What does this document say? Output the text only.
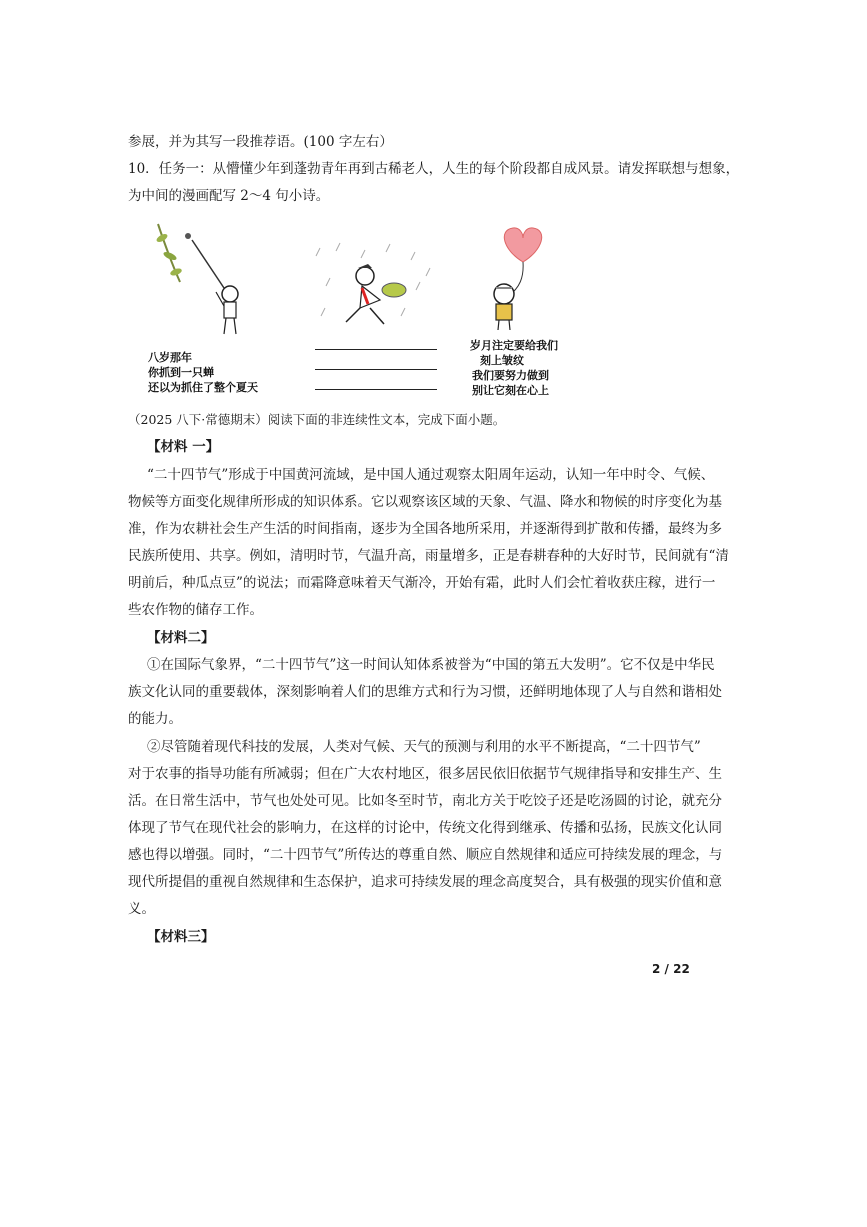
参展，并为其写一段推荐语。(100 字左右）
10．任务一：从懵懂少年到蓬勃青年再到古稀老人，人生的每个阶段都自成风景。请发挥联想与想象，
为中间的漫画配写 2～4 句小诗。
八岁那年
你抓到一只蝉
还以为抓住了整个夏天
岁月注定要给我们
刻上皱纹
我们要努力做到
别让它刻在心上
（2025 八下·常德期末）阅读下面的非连续性文本，完成下面小题。
【材料 一】
“二十四节气”形成于中国黄河流域，是中国人通过观察太阳周年运动，认知一年中时令、气候、
物候等方面变化规律所形成的知识体系。它以观察该区域的天象、气温、降水和物候的时序变化为基
准，作为农耕社会生产生活的时间指南，逐步为全国各地所采用，并逐渐得到扩散和传播，最终为多
民族所使用、共享。例如，清明时节，气温升高，雨量增多，正是春耕春种的大好时节，民间就有“清
明前后，种瓜点豆”的说法；而霜降意味着天气渐冷，开始有霜，此时人们会忙着收获庄稼，进行一
些农作物的储存工作。
【材料二】
①在国际气象界，“二十四节气”这一时间认知体系被誉为“中国的第五大发明”。它不仅是中华民
族文化认同的重要载体，深刻影响着人们的思维方式和行为习惯，还鲜明地体现了人与自然和谐相处
的能力。
②尽管随着现代科技的发展，人类对气候、天气的预测与利用的水平不断提高，“二十四节气”
对于农事的指导功能有所减弱；但在广大农村地区，很多居民依旧依据节气规律指导和安排生产、生
活。在日常生活中，节气也处处可见。比如冬至时节，南北方关于吃饺子还是吃汤圆的讨论，就充分
体现了节气在现代社会的影响力，在这样的讨论中，传统文化得到继承、传播和弘扬，民族文化认同
感也得以增强。同时，“二十四节气”所传达的尊重自然、顺应自然规律和适应可持续发展的理念，与
现代所提倡的重视自然规律和生态保护，追求可持续发展的理念高度契合，具有极强的现实价值和意
义。
【材料三】
2 / 22
